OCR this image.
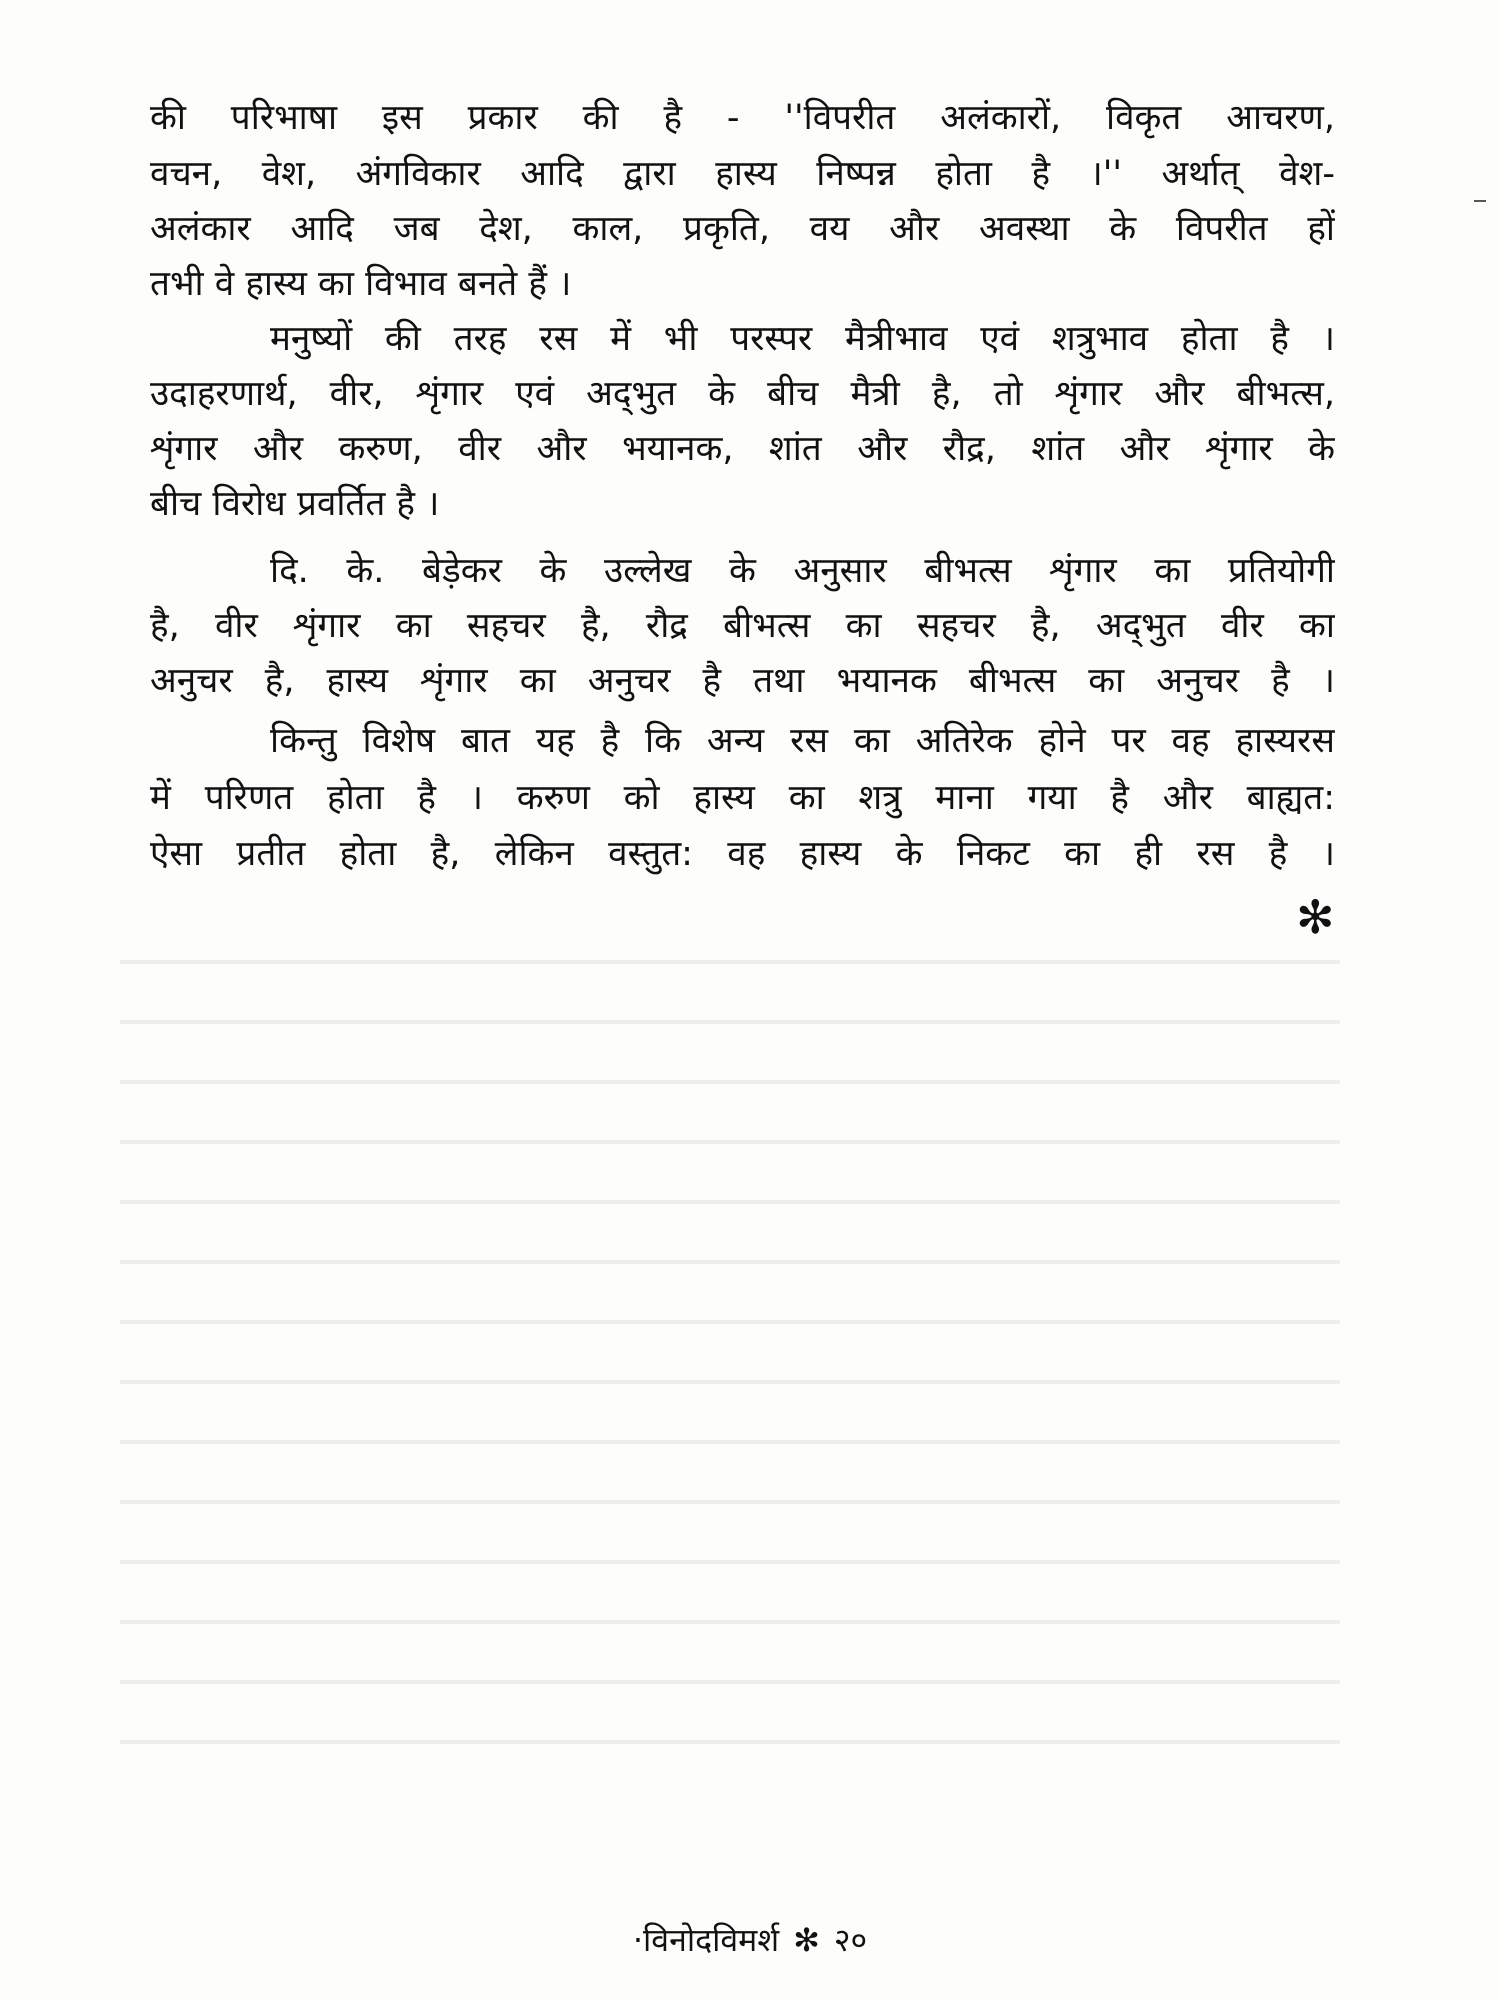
की परिभाषा इस प्रकार की है - ''विपरीत अलंकारों, विकृत आचरण,
वचन, वेश, अंगविकार आदि द्वारा हास्य निष्पन्न होता है ।'' अर्थात् वेश-
अलंकार आदि जब देश, काल, प्रकृति, वय और अवस्था के विपरीत हों
तभी वे हास्य का विभाव बनते हैं ।
मनुष्यों की तरह रस में भी परस्पर मैत्रीभाव एवं शत्रुभाव होता है ।
उदाहरणार्थ, वीर, शृंगार एवं अद्‌भुत के बीच मैत्री है, तो शृंगार और बीभत्स,
शृंगार और करुण, वीर और भयानक, शांत और रौद्र, शांत और शृंगार के
बीच विरोध प्रवर्तित है ।
दि. के. बेड़ेकर के उल्लेख के अनुसार बीभत्स शृंगार का प्रतियोगी
है, वीर शृंगार का सहचर है, रौद्र बीभत्स का सहचर है, अद्‌भुत वीर का
अनुचर है, हास्य शृंगार का अनुचर है तथा भयानक बीभत्स का अनुचर है ।
किन्तु विशेष बात यह है कि अन्य रस का अतिरेक होने पर वह हास्यरस
में परिणत होता है । करुण को हास्य का शत्रु माना गया है और बाह्यत:
ऐसा प्रतीत होता है, लेकिन वस्तुत: वह हास्य के निकट का ही रस है ।
✻
·विनोदविमर्श ✻ २०
